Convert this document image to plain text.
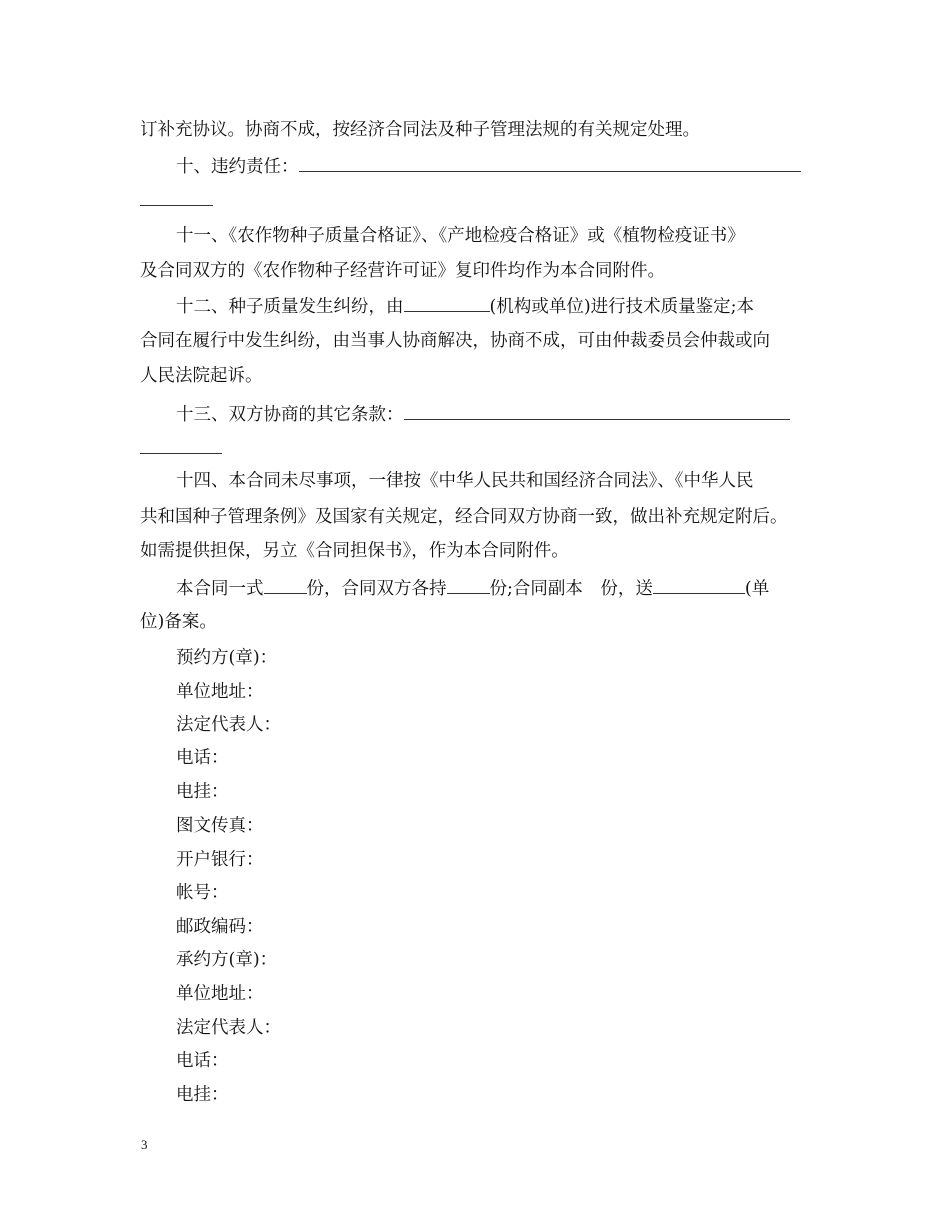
订补充协议。协商不成，按经济合同法及种子管理法规的有关规定处理。
十、违约责任：
十一、《农作物种子质量合格证》、《产地检疫合格证》或《植物检疫证书》
及合同双方的《农作物种子经营许可证》复印件均作为本合同附件。
十二、种子质量发生纠纷，由	(机构或单位)进行技术质量鉴定;本
合同在履行中发生纠纷，由当事人协商解决，协商不成，可由仲裁委员会仲裁或向
人民法院起诉。
十三、双方协商的其它条款：
十四、本合同未尽事项，一律按《中华人民共和国经济合同法》、《中华人民
共和国种子管理条例》及国家有关规定，经合同双方协商一致，做出补充规定附后。
如需提供担保，另立《合同担保书》，作为本合同附件。
本合同一式 份，合同双方各持 份;合同副本　份，送	(单
位)备案。
预约方(章)：
单位地址：
法定代表人：
电话：
电挂：
图文传真：
开户银行：
帐号：
邮政编码：
承约方(章)：
单位地址：
法定代表人：
电话：
电挂：
3
